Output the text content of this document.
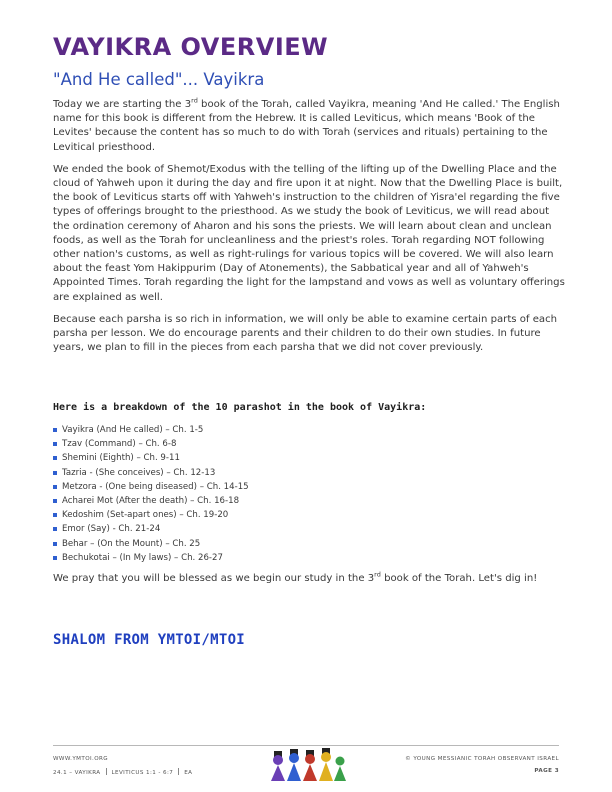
VAYIKRA OVERVIEW
"And He called"... Vayikra

Today we are starting the 3rd book of the Torah, called Vayikra, meaning 'And He called.' The English name for this book is different from the Hebrew. It is called Leviticus, which means 'Book of the Levites' because the content has so much to do with Torah (services and rituals) pertaining to the Levitical priesthood.

We ended the book of Shemot/Exodus with the telling of the lifting up of the Dwelling Place and the cloud of Yahweh upon it during the day and fire upon it at night. Now that the Dwelling Place is built, the book of Leviticus starts off with Yahweh's instruction to the children of Yisra'el regarding the five types of offerings brought to the priesthood. As we study the book of Leviticus, we will read about the ordination ceremony of Aharon and his sons the priests. We will learn about clean and unclean foods, as well as the Torah for uncleanliness and the priest's roles. Torah regarding NOT following other nation's customs, as well as right-rulings for various topics will be covered. We will also learn about the feast Yom Hakippurim (Day of Atonements), the Sabbatical year and all of Yahweh's Appointed Times. Torah regarding the light for the lampstand and vows as well as voluntary offerings are explained as well.

Because each parsha is so rich in information, we will only be able to examine certain parts of each parsha per lesson. We do encourage parents and their children to do their own studies. In future years, we plan to fill in the pieces from each parsha that we did not cover previously.

Here is a breakdown of the 10 parashot in the book of Vayikra:
Vayikra (And He called) – Ch. 1-5
Tzav (Command) – Ch. 6-8
Shemini (Eighth) – Ch. 9-11
Tazria - (She conceives) – Ch. 12-13
Metzora - (One being diseased) – Ch. 14-15
Acharei Mot (After the death) – Ch. 16-18
Kedoshim (Set-apart ones) – Ch. 19-20
Emor (Say) - Ch. 21-24
Behar – (On the Mount) – Ch. 25
Bechukotai – (In My laws) – Ch. 26-27

We pray that you will be blessed as we begin our study in the 3rd book of the Torah. Let's dig in!

SHALOM FROM YMTOI/MTOI
WWW.YMTOI.ORG
24.1 – VAYIKRA LEVITICUS 1:1 - 6:7 EA
© YOUNG MESSIANIC TORAH OBSERVANT ISRAEL
PAGE 3
